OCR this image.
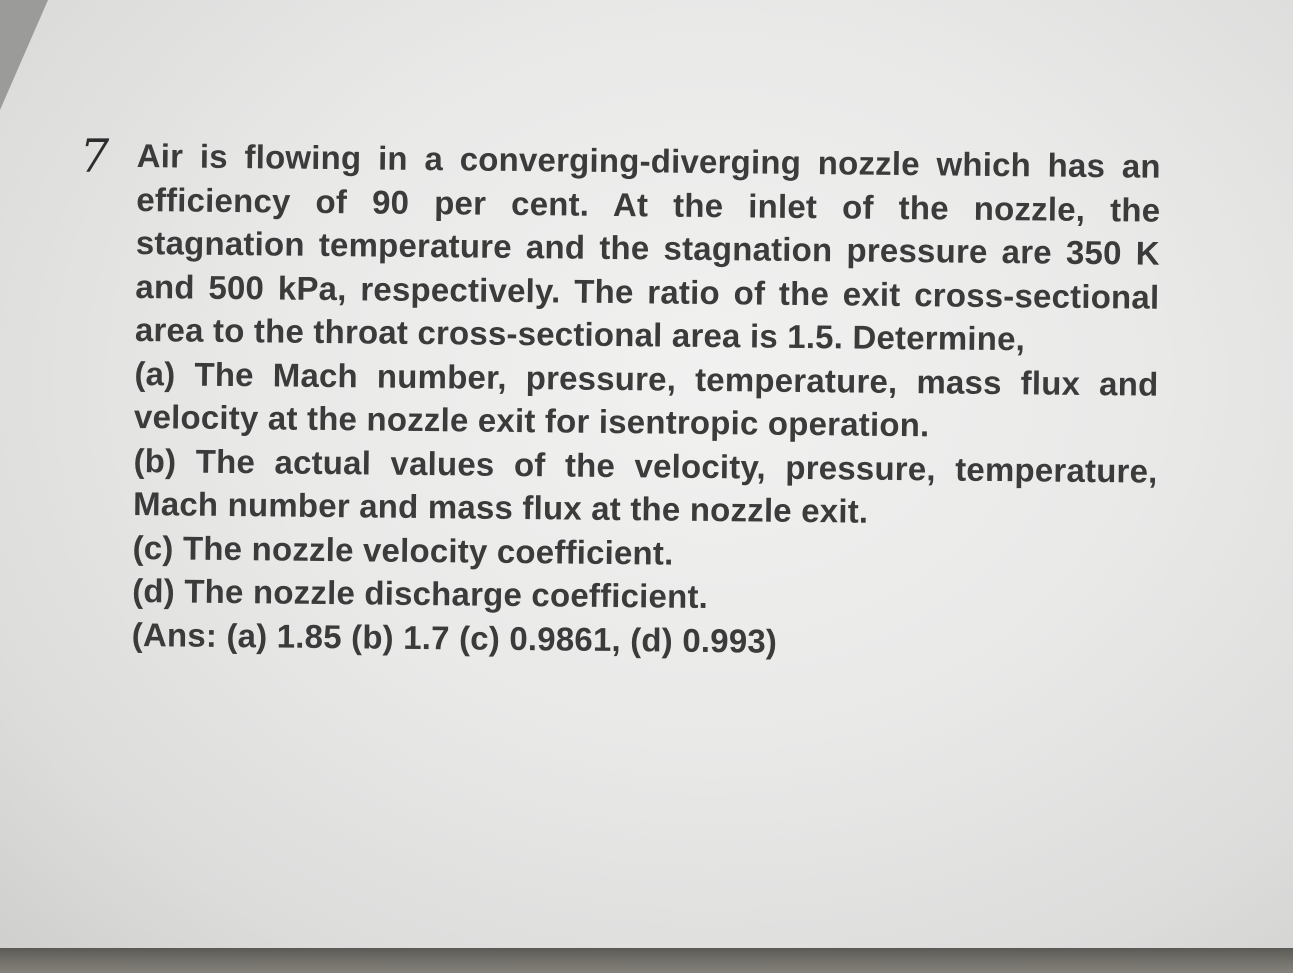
7 Air is flowing in a converging-diverging nozzle which has an efficiency of 90 per cent. At the inlet of the nozzle, the stagnation temperature and the stagnation pressure are 350 K and 500 kPa, respectively. The ratio of the exit cross-sectional area to the throat cross-sectional area is 1.5. Determine,

(a) The Mach number, pressure, temperature, mass flux and velocity at the nozzle exit for isentropic operation.

(b) The actual values of the velocity, pressure, temperature, Mach number and mass flux at the nozzle exit.

(c) The nozzle velocity coefficient.

(d) The nozzle discharge coefficient.

(Ans: (a) 1.85 (b) 1.7 (c) 0.9861, (d) 0.993)
